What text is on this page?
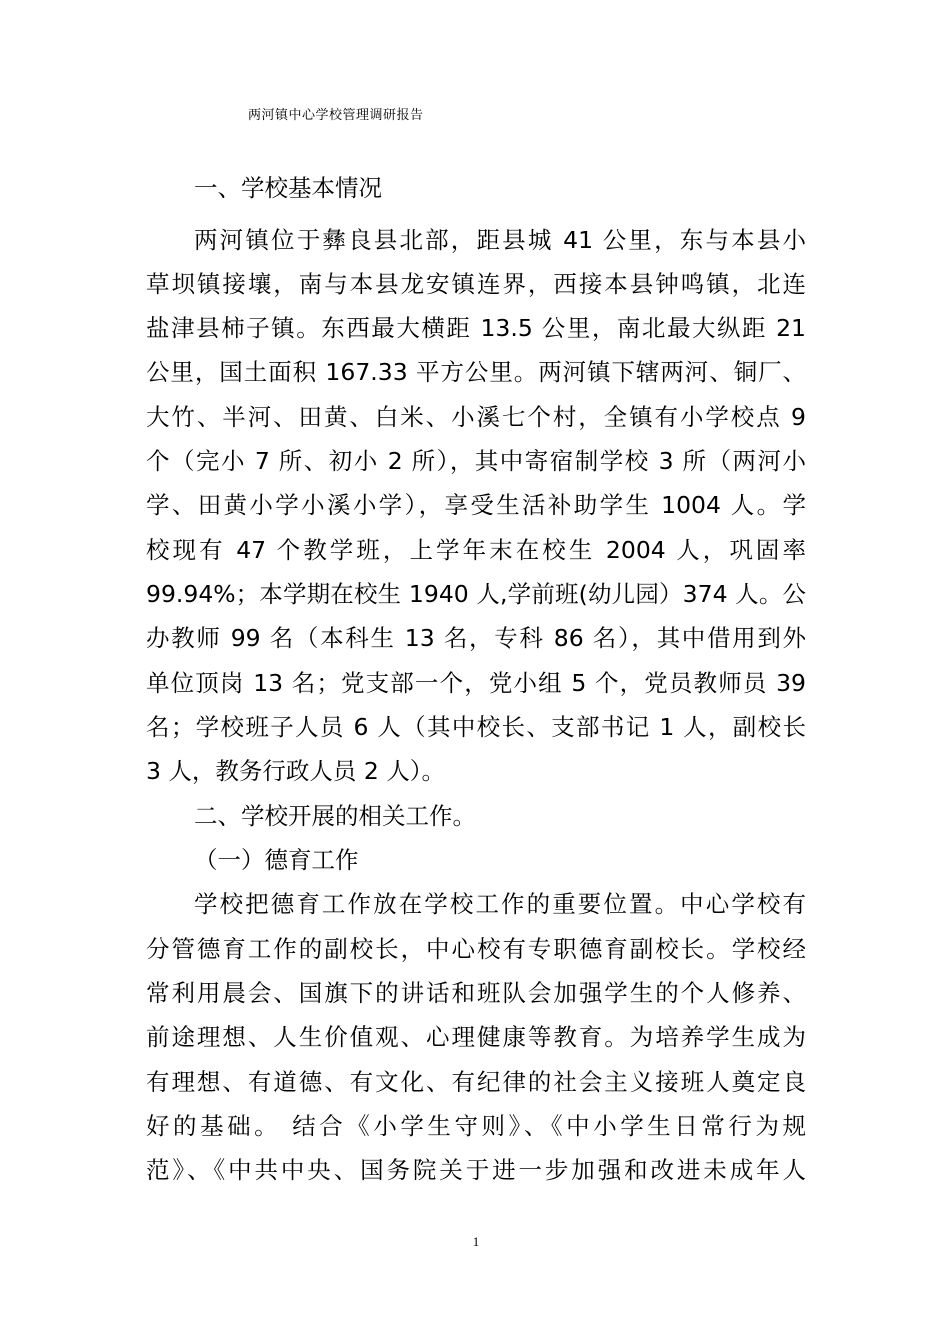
两河镇中心学校管理调研报告
一、学校基本情况
两河镇位于彝良县北部，距县城 41 公里，东与本县小
草坝镇接壤，南与本县龙安镇连界，西接本县钟鸣镇，北连
盐津县柿子镇。东西最大横距 13.5 公里，南北最大纵距 21
公里，国土面积 167.33 平方公里。两河镇下辖两河、铜厂、
大竹、半河、田黄、白米、小溪七个村，全镇有小学校点 9
个（完小 7 所、初小 2 所），其中寄宿制学校 3 所（两河小
学、田黄小学小溪小学），享受生活补助学生 1004 人。学
校现有 47 个教学班，上学年末在校生 2004 人，巩固率
99.94%；本学期在校生 1940 人,学前班(幼儿园）374 人。公
办教师 99 名（本科生 13 名，专科 86 名），其中借用到外
单位顶岗 13 名；党支部一个，党小组 5 个，党员教师员 39
名；学校班子人员 6 人（其中校长、支部书记 1 人，副校长
3 人，教务行政人员 2 人）。
二、学校开展的相关工作。
（一）德育工作
学校把德育工作放在学校工作的重要位置。中心学校有
分管德育工作的副校长，中心校有专职德育副校长。学校经
常利用晨会、国旗下的讲话和班队会加强学生的个人修养、
前途理想、人生价值观、心理健康等教育。为培养学生成为
有理想、有道德、有文化、有纪律的社会主义接班人奠定良
好的基础。 结合《小学生守则》、《中小学生日常行为规
范》、《中共中央、国务院关于进一步加强和改进未成年人
1
